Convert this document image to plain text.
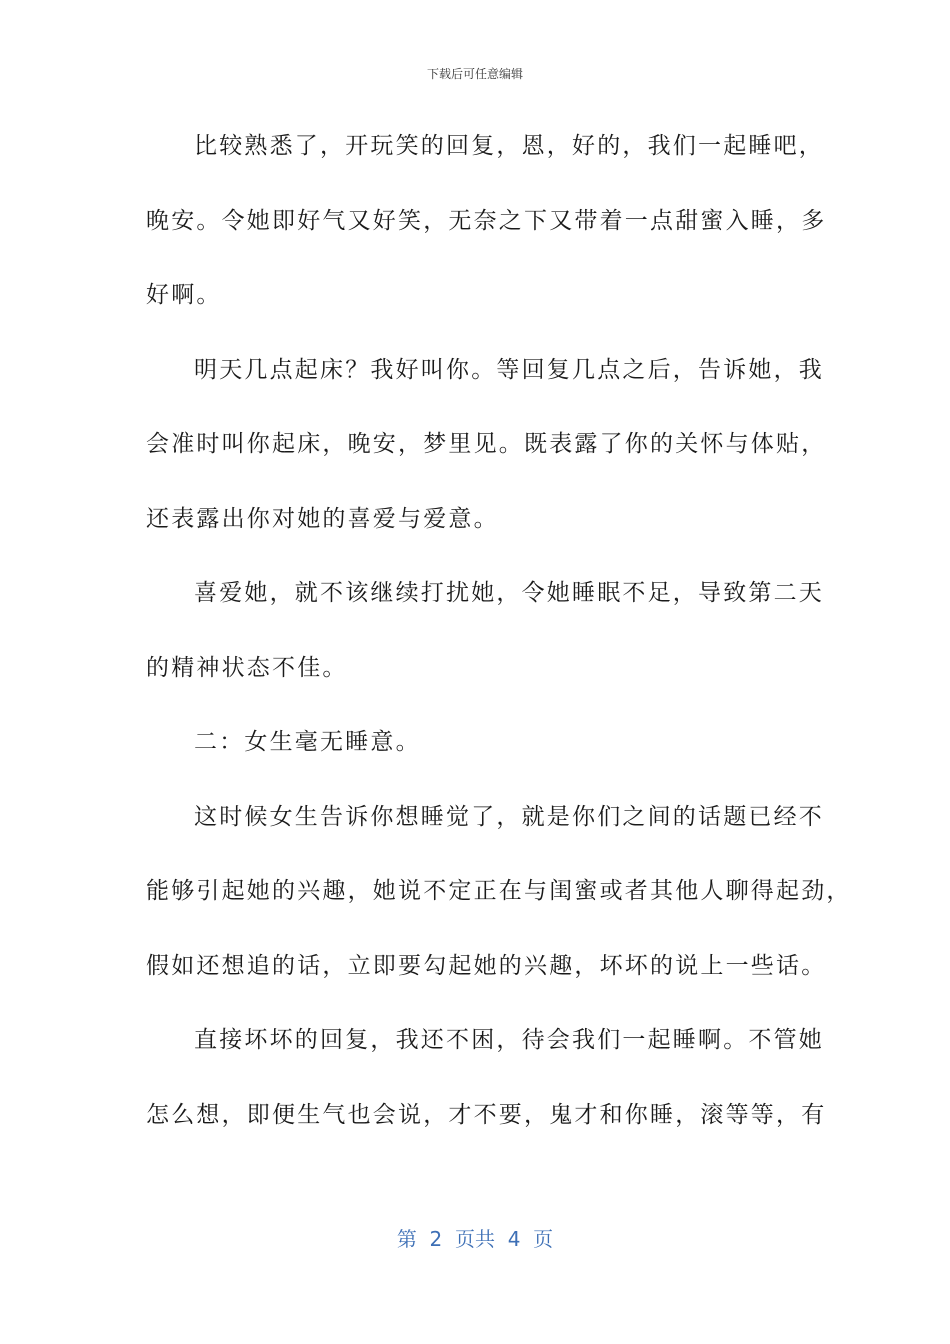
下载后可任意编辑
比较熟悉了，开玩笑的回复，恩，好的，我们一起睡吧，
晚安。令她即好气又好笑，无奈之下又带着一点甜蜜入睡，多
好啊。
明天几点起床？我好叫你。等回复几点之后，告诉她，我
会准时叫你起床，晚安，梦里见。既表露了你的关怀与体贴，
还表露出你对她的喜爱与爱意。
喜爱她，就不该继续打扰她，令她睡眠不足，导致第二天
的精神状态不佳。
二：女生毫无睡意。
这时候女生告诉你想睡觉了，就是你们之间的话题已经不
能够引起她的兴趣，她说不定正在与闺蜜或者其他人聊得起劲，
假如还想追的话，立即要勾起她的兴趣，坏坏的说上一些话。
直接坏坏的回复，我还不困，待会我们一起睡啊。不管她
怎么想，即便生气也会说，才不要，鬼才和你睡，滚等等，有
第  2  页共  4  页
